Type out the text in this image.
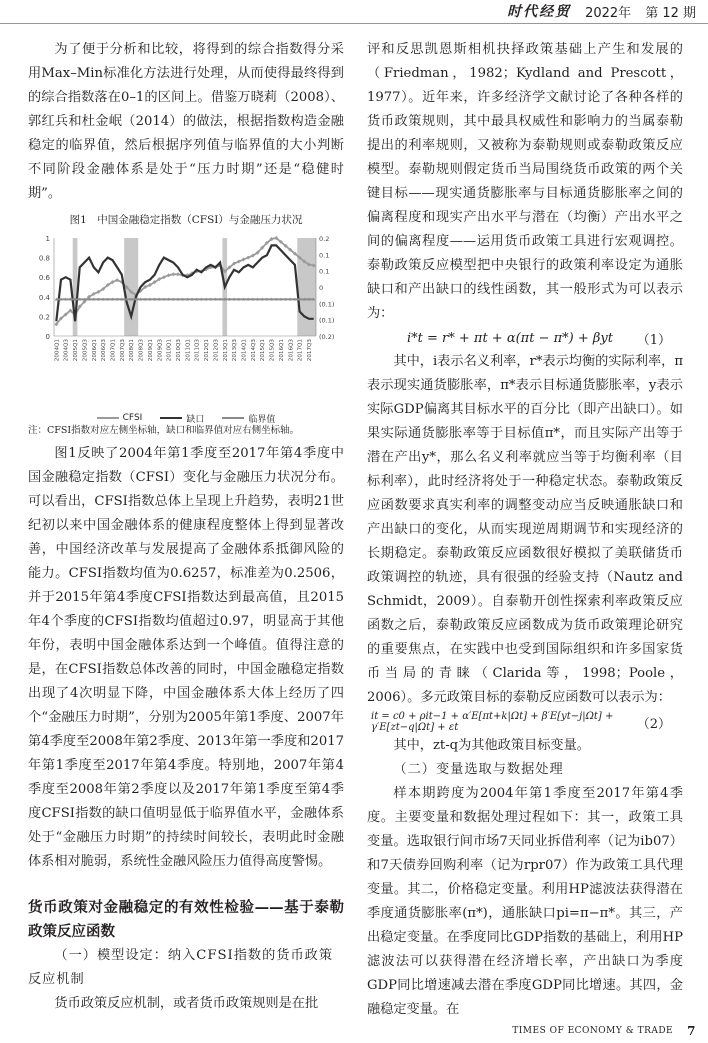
时代经贸 2022年 第 12 期

为了便于分析和比较，将得到的综合指数得分采用Max–Min标准化方法进行处理，从而使得最终得到的综合指数落在0–1的区间上。借鉴万晓莉（2008）、郭红兵和杜金岷（2014）的做法，根据指数构造金融稳定的临界值，然后根据序列值与临界值的大小判断不同阶段金融体系是处于“压力时期”还是“稳健时期”。

图1　中国金融稳定指数（CFSI）与金融压力状况
0
0.2
0.4
0.6
0.8
1
(0.2)
(0.1)
(0.1)
0
0.1
0.1
0.2
2004Q1 2004Q3 2005Q1 2005Q3 2006Q1 2006Q3 2007Q1 2007Q3 2008Q1 2008Q3 2009Q1 2009Q3 2010Q1 2010Q3 2011Q1 2011Q3 2012Q1 2012Q3 2013Q1 2013Q3 2014Q1 2014Q3 2015Q1 2015Q3 2016Q1 2016Q3 2017Q1 2017Q3
CFSI	缺口	临界值
注：CFSI指数对应左侧坐标轴，缺口和临界值对应右侧坐标轴。

图1反映了2004年第1季度至2017年第4季度中国金融稳定指数（CFSI）变化与金融压力状况分布。可以看出，CFSI指数总体上呈现上升趋势，表明21世纪初以来中国金融体系的健康程度整体上得到显著改善，中国经济改革与发展提高了金融体系抵御风险的能力。CFSI指数均值为0.6257，标准差为0.2506，并于2015年第4季度CFSI指数达到最高值，且2015年4个季度的CFSI指数均值超过0.97，明显高于其他年份，表明中国金融体系达到一个峰值。值得注意的是，在CFSI指数总体改善的同时，中国金融稳定指数出现了4次明显下降，中国金融体系大体上经历了四个“金融压力时期”，分别为2005年第1季度、2007年第4季度至2008年第2季度、2013年第一季度和2017年第1季度至2017年第4季度。特别地，2007年第4季度至2008年第2季度以及2017年第1季度至第4季度CFSI指数的缺口值明显低于临界值水平，金融体系处于“金融压力时期”的持续时间较长，表明此时金融体系相对脆弱，系统性金融风险压力值得高度警惕。

货币政策对金融稳定的有效性检验——基于泰勒政策反应函数
（一）模型设定：纳入CFSI指数的货币政策反应机制

货币政策反应机制，或者货币政策规则是在批

评和反思凯恩斯相机抉择政策基础上产生和发展的（Friedman，1982；Kydland and Prescott，1977）。近年来，许多经济学文献讨论了各种各样的货币政策规则，其中最具权威性和影响力的当属泰勒提出的利率规则，又被称为泰勒规则或泰勒政策反应模型。泰勒规则假定货币当局围绕货币政策的两个关键目标——现实通货膨胀率与目标通货膨胀率之间的偏离程度和现实产出水平与潜在（均衡）产出水平之间的偏离程度——运用货币政策工具进行宏观调控。泰勒政策反应模型把中央银行的政策利率设定为通胀缺口和产出缺口的线性函数，其一般形式为可以表示为：

i*t = r* + πt + α(πt − π*) + βyt （1）

其中，i表示名义利率，r*表示均衡的实际利率，π表示现实通货膨胀率，π*表示目标通货膨胀率，y表示实际GDP偏离其目标水平的百分比（即产出缺口）。如果实际通货膨胀率等于目标值π*，而且实际产出等于潜在产出y*，那么名义利率就应当等于均衡利率（目标利率），此时经济将处于一种稳定状态。泰勒政策反应函数要求真实利率的调整变动应当反映通胀缺口和产出缺口的变化，从而实现逆周期调节和实现经济的长期稳定。泰勒政策反应函数很好模拟了美联储货币政策调控的轨迹，具有很强的经验支持（Nautz and Schmidt，2009）。自泰勒开创性探索利率政策反应函数之后，泰勒政策反应函数成为货币政策理论研究的重要焦点，在实践中也受到国际组织和许多国家货币当局的青睐（Clarida等，1998；Poole，2006）。多元政策目标的泰勒反应函数可以表示为：

it = c0 + ρit−1 + α′E[πt+k|Ωt] + β′E[yt−j|Ωt] + γ′E[zt−q|Ωt] + εt	（2）

其中，zt-q为其他政策目标变量。

（二）变量选取与数据处理

样本期跨度为2004年第1季度至2017年第4季度。主要变量和数据处理过程如下：其一，政策工具变量。选取银行间市场7天同业拆借利率（记为ib07）和7天债券回购利率（记为rpr07）作为政策工具代理变量。其二，价格稳定变量。利用HP滤波法获得潜在季度通货膨胀率(π*)，通胀缺口pi=π−π*。其三，产出稳定变量。在季度同比GDP指数的基础上，利用HP滤波法可以获得潜在经济增长率，产出缺口为季度GDP同比增速减去潜在季度GDP同比增速。其四，金融稳定变量。在

TIMES OF ECONOMY & TRADE 7
